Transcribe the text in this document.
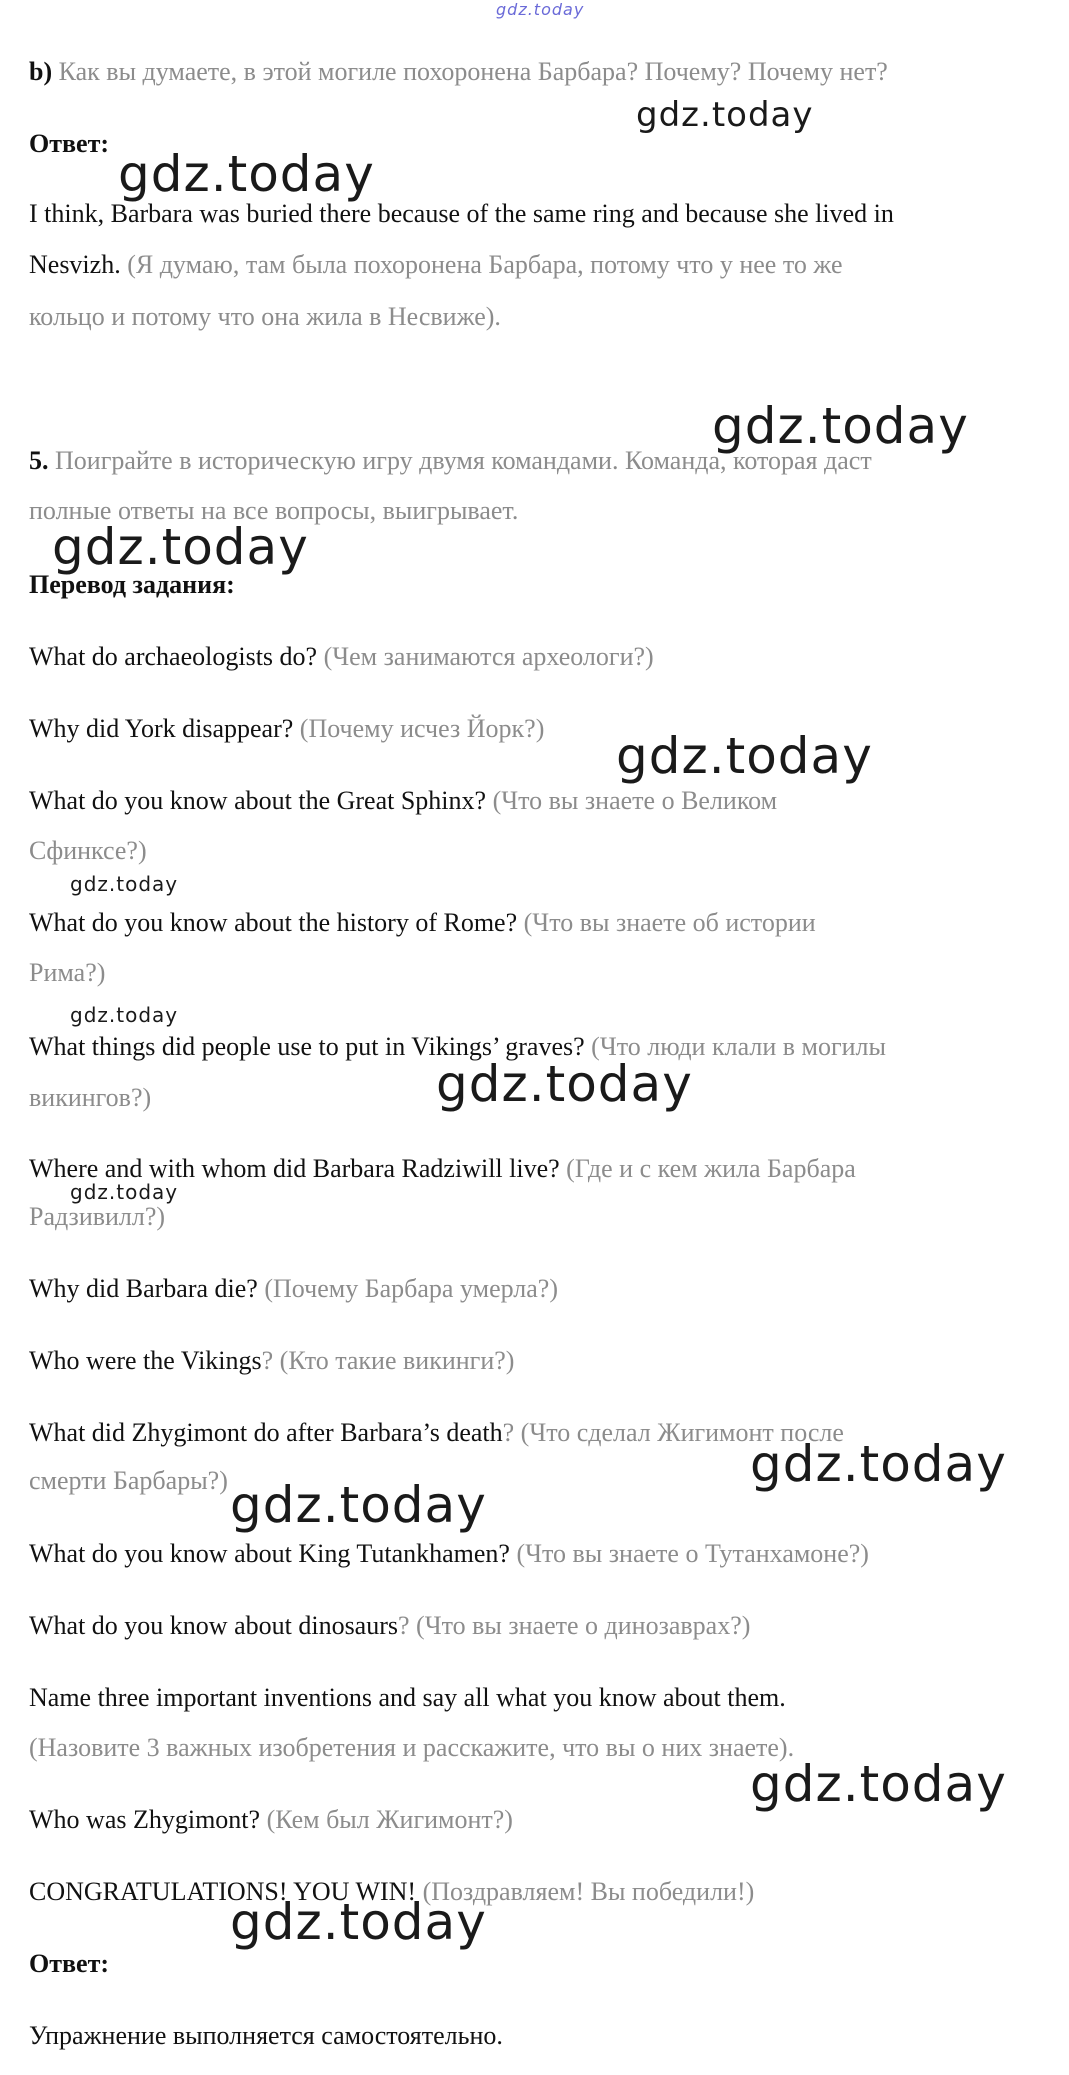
gdz.today
gdz.today
gdz.today
gdz.today
gdz.today
gdz.today
gdz.today
gdz.today
gdz.today
gdz.today
gdz.today
gdz.today
gdz.today
gdz.today
b) Как вы думаете, в этой могиле похоронена Барбара? Почему? Почему нет?
Ответ:
I think, Barbara was buried there because of the same ring and because she lived in
Nesvizh. (Я думаю, там была похоронена Барбара, потому что у нее то же
кольцо и потому что она жила в Несвиже).
5. Поиграйте в историческую игру двумя командами. Команда, которая даст
полные ответы на все вопросы, выигрывает.
Перевод задания:
What do archaeologists do? (Чем занимаются археологи?)
Why did York disappear? (Почему исчез Йорк?)
What do you know about the Great Sphinx? (Что вы знаете о Великом
Сфинксе?)
What do you know about the history of Rome? (Что вы знаете об истории
Рима?)
What things did people use to put in Vikings’ graves? (Что люди клали в могилы
викингов?)
Where and with whom did Barbara Radziwill live? (Где и с кем жила Барбара
Радзивилл?)
Why did Barbara die? (Почему Барбара умерла?)
Who were the Vikings? (Кто такие викинги?)
What did Zhygimont do after Barbara’s death? (Что сделал Жигимонт после
смерти Барбары?)
What do you know about King Tutankhamen? (Что вы знаете о Тутанхамоне?)
What do you know about dinosaurs? (Что вы знаете о динозаврах?)
Name three important inventions and say all what you know about them.
(Назовите 3 важных изобретения и расскажите, что вы о них знаете).
Who was Zhygimont? (Кем был Жигимонт?)
CONGRATULATIONS! YOU WIN! (Поздравляем! Вы победили!)
Ответ:
Упражнение выполняется самостоятельно.
